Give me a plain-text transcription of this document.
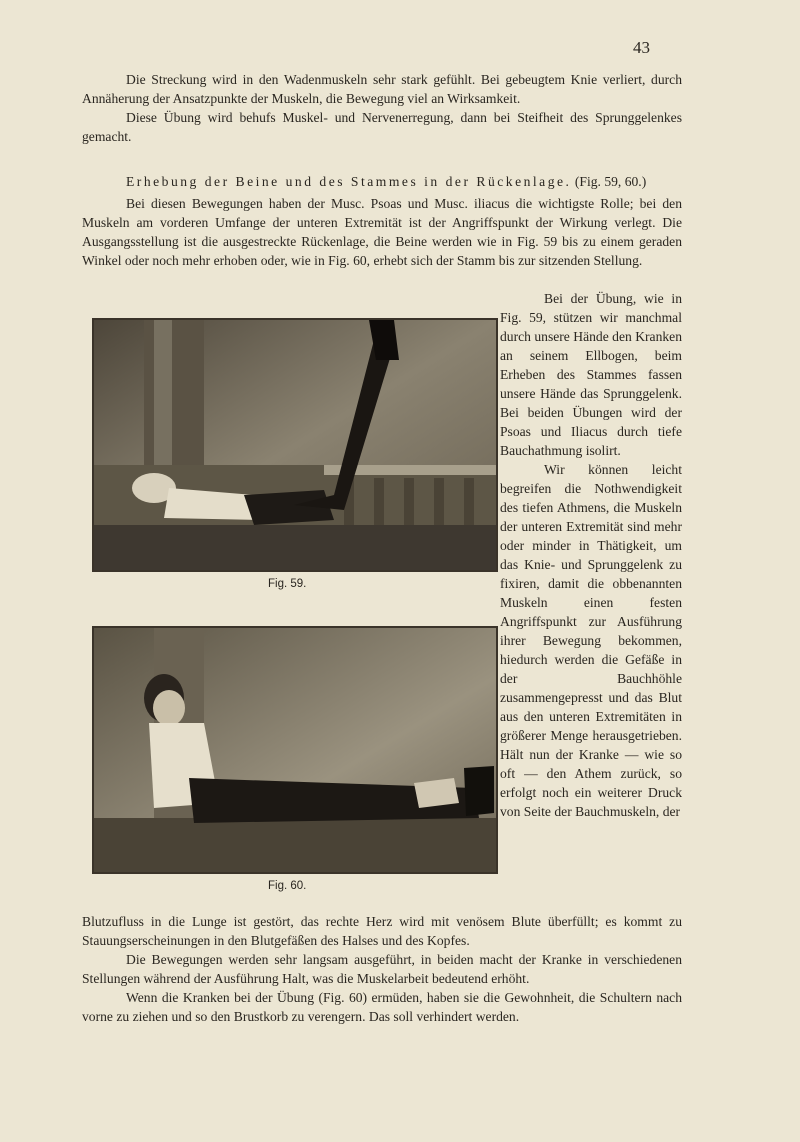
43

Die Streckung wird in den Wadenmuskeln sehr stark gefühlt. Bei gebeugtem Knie verliert, durch Annäherung der Ansatzpunkte der Muskeln, die Bewegung viel an Wirksamkeit.

Diese Übung wird behufs Muskel- und Nervenerregung, dann bei Steifheit des Sprunggelenkes gemacht.

Erhebung der Beine und des Stammes in der Rückenlage. (Fig. 59, 60.)

Bei diesen Bewegungen haben der Musc. Psoas und Musc. iliacus die wichtigste Rolle; bei den Muskeln am vorderen Umfange der unteren Extremität ist der Angriffspunkt der Wirkung verlegt. Die Ausgangsstellung ist die ausgestreckte Rückenlage, die Beine werden wie in Fig. 59 bis zu einem geraden Winkel oder noch mehr erhoben oder, wie in Fig. 60, erhebt sich der Stamm bis zur sitzenden Stellung.

Bei der Übung, wie in Fig. 59, stützen wir manchmal durch unsere Hände den Kranken an seinem Ellbogen, beim Erheben des Stammes fassen unsere Hände das Sprunggelenk. Bei beiden Übungen wird der Psoas und Iliacus durch tiefe Bauchathmung isolirt.

Wir können leicht begreifen die Nothwendigkeit des tiefen Athmens, die Muskeln der unteren Extremität sind mehr oder minder in Thätigkeit, um das Knie- und Sprunggelenk zu fixiren, damit die obbenannten Muskeln einen festen Angriffspunkt zur Ausführung ihrer Bewegung bekommen, hiedurch werden die Gefäße in der Bauchhöhle zusammengepresst und das Blut aus den unteren Extremitäten in größerer Menge herausgetrieben. Hält nun der Kranke — wie so oft — den Athem zurück, so erfolgt noch ein weiterer Druck von Seite der Bauchmuskeln, der

Fig. 59.
Fig. 60.

Blutzufluss in die Lunge ist gestört, das rechte Herz wird mit venösem Blute überfüllt; es kommt zu Stauungserscheinungen in den Blutgefäßen des Halses und des Kopfes.

Die Bewegungen werden sehr langsam ausgeführt, in beiden macht der Kranke in verschiedenen Stellungen während der Ausführung Halt, was die Muskelarbeit bedeutend erhöht.

Wenn die Kranken bei der Übung (Fig. 60) ermüden, haben sie die Gewohnheit, die Schultern nach vorne zu ziehen und so den Brustkorb zu verengern. Das soll verhindert werden.
